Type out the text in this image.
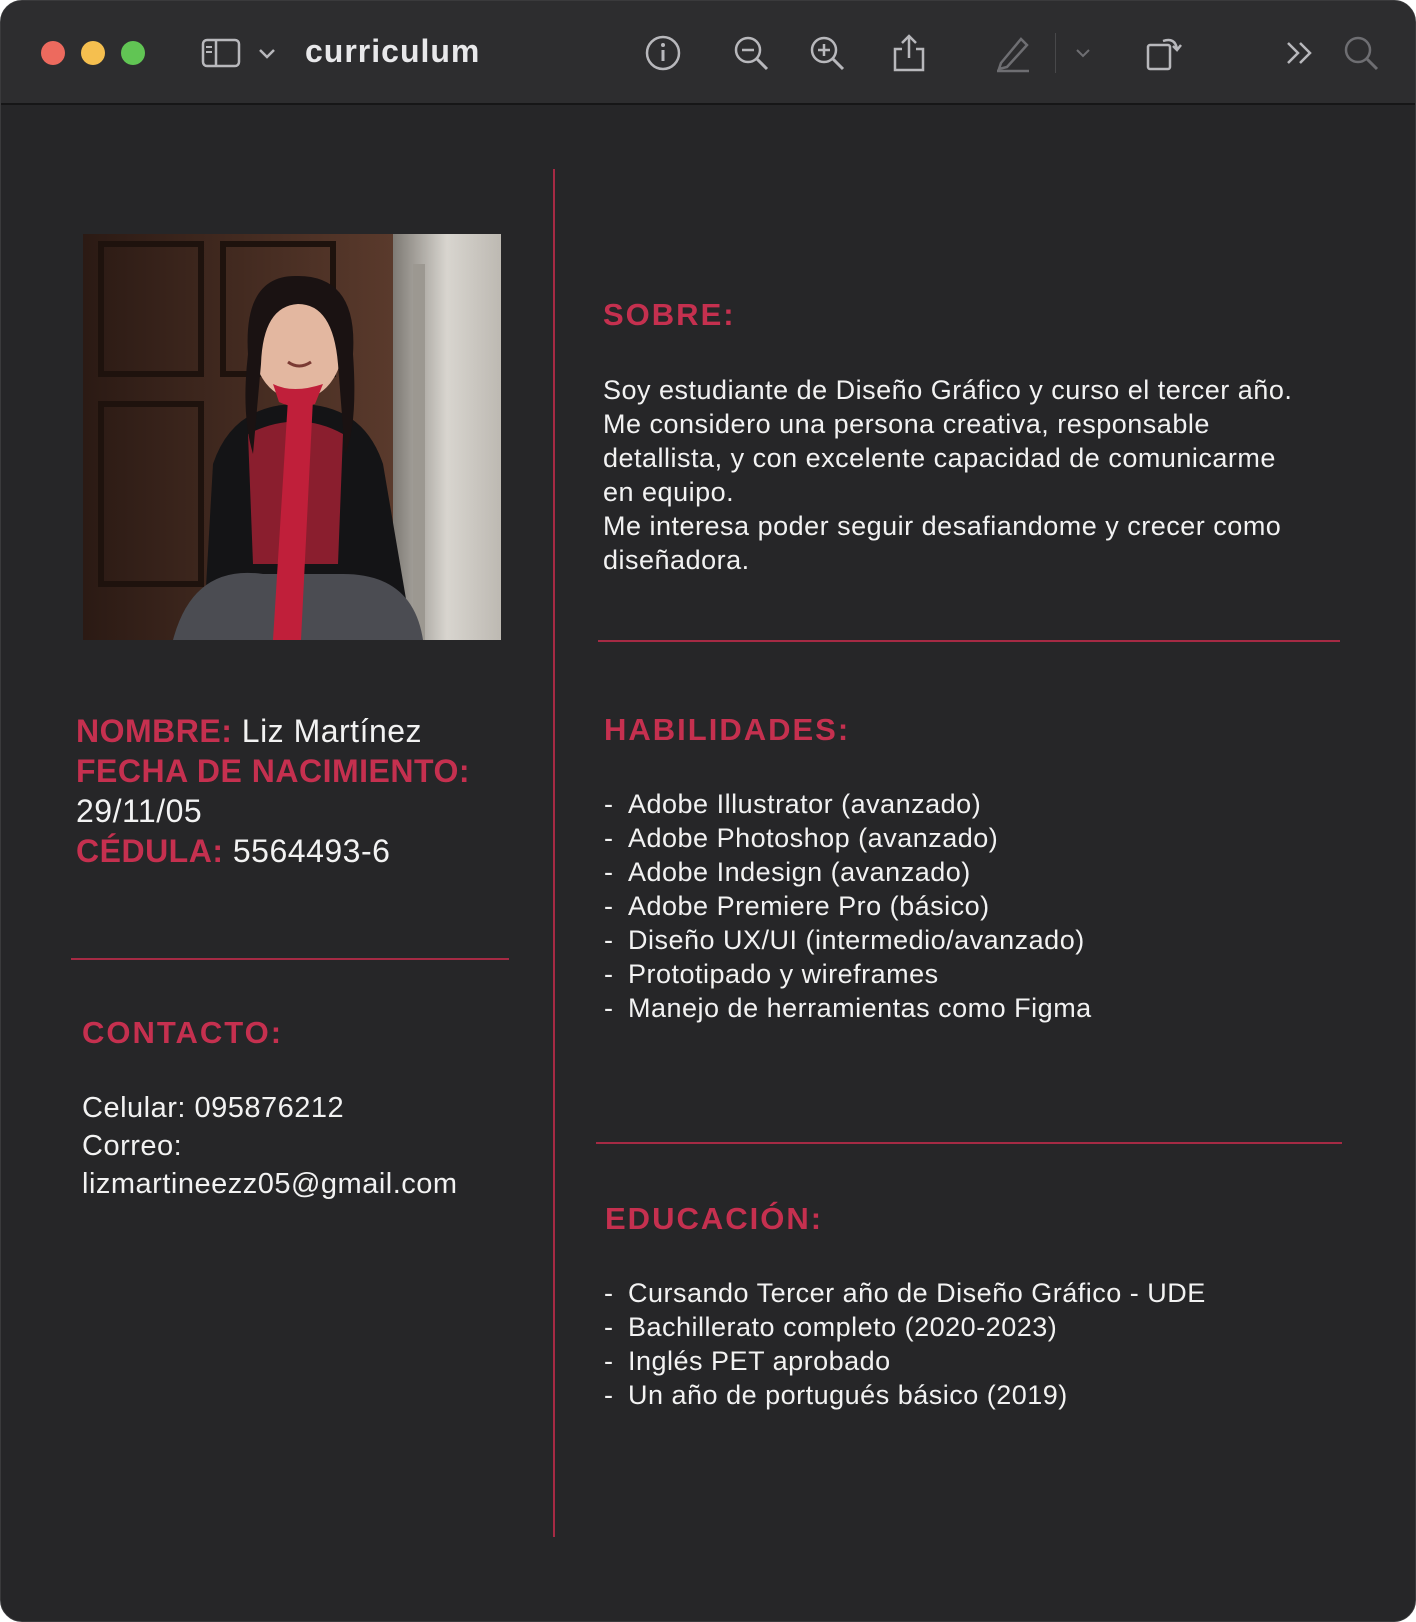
curriculum
NOMBRE: Liz Martínez
FECHA DE NACIMIENTO:
29/11/05
CÉDULA: 5564493-6
CONTACTO:
Celular: 095876212
Correo:
lizmartineezz05@gmail.com
SOBRE:
Soy estudiante de Diseño Gráfico y curso el tercer año.
Me considero una persona creativa, responsable
detallista, y con excelente capacidad de comunicarme
en equipo.
Me interesa poder seguir desafiandome y crecer como
diseñadora.
HABILIDADES:
- Adobe Illustrator (avanzado)
- Adobe Photoshop (avanzado)
- Adobe Indesign (avanzado)
- Adobe Premiere Pro (básico)
- Diseño UX/UI (intermedio/avanzado)
- Prototipado y wireframes
- Manejo de herramientas como Figma
EDUCACIÓN:
- Cursando Tercer año de Diseño Gráfico - UDE
- Bachillerato completo (2020-2023)
- Inglés PET aprobado
- Un año de portugués básico (2019)
